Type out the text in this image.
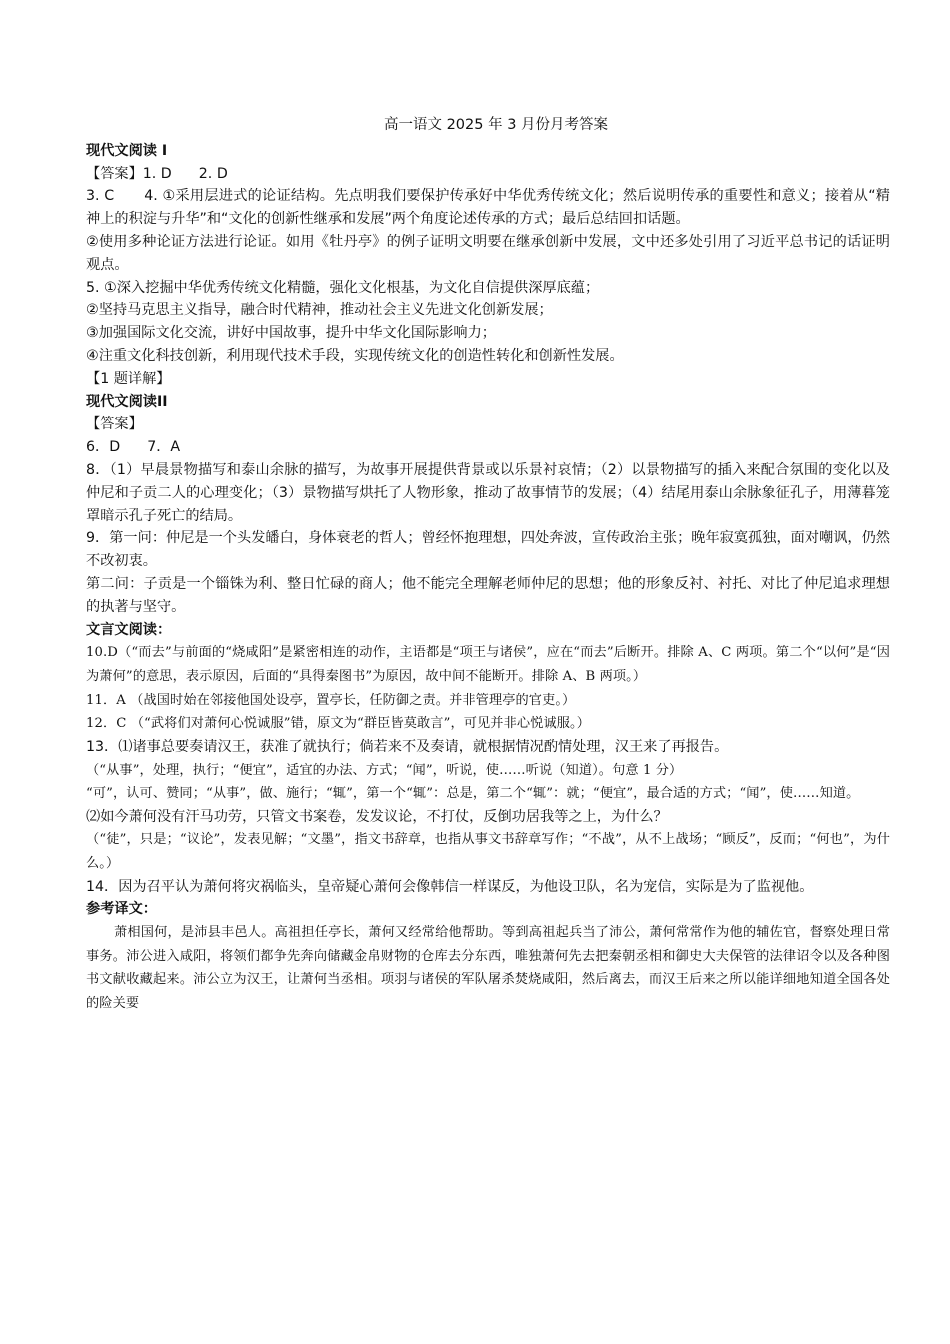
高一语文 2025 年 3 月份月考答案

现代文阅读 I

【答案】1. D      2. D

3. C 4. ①采用层进式的论证结构。先点明我们要保护传承好中华优秀传统文化；然后说明传承的重要性和意义；接着从“精神上的积淀与升华”和“文化的创新性继承和发展”两个角度论述传承的方式；最后总结回扣话题。

②使用多种论证方法进行论证。如用《牡丹亭》的例子证明文明要在继承创新中发展，文中还多处引用了习近平总书记的话证明观点。

5. ①深入挖掘中华优秀传统文化精髓，强化文化根基，为文化自信提供深厚底蕴；

②坚持马克思主义指导，融合时代精神，推动社会主义先进文化创新发展；

③加强国际文化交流，讲好中国故事，提升中华文化国际影响力；

④注重文化科技创新，利用现代技术手段，实现传统文化的创造性转化和创新性发展。

【1 题详解】

现代文阅读II

【答案】

6．D      7．A

8．（1）早晨景物描写和泰山余脉的描写，为故事开展提供背景或以乐景衬哀情；（2）以景物描写的插入来配合氛围的变化以及仲尼和子贡二人的心理变化；（3）景物描写烘托了人物形象，推动了故事情节的发展；（4）结尾用泰山余脉象征孔子，用薄暮笼罩暗示孔子死亡的结局。

9．第一问：仲尼是一个头发皤白，身体衰老的哲人；曾经怀抱理想，四处奔波，宣传政治主张；晚年寂寞孤独，面对嘲讽，仍然不改初衷。

第二问：子贡是一个锱铢为利、整日忙碌的商人；他不能完全理解老师仲尼的思想；他的形象反衬、衬托、对比了仲尼追求理想的执著与坚守。

文言文阅读：

10.D（“而去”与前面的“烧咸阳”是紧密相连的动作，主语都是“项王与诸侯”，应在“而去”后断开。排除 A、C 两项。第二个“以何”是“因为萧何”的意思，表示原因，后面的“具得秦图书”为原因，故中间不能断开。排除 A、B 两项。）

11．A （战国时始在邻接他国处设亭，置亭长，任防御之责。并非管理亭的官吏。）

12．C （“武将们对萧何心悦诚服”错，原文为“群臣皆莫敢言”，可见并非心悦诚服。）

13．⑴诸事总要奏请汉王，获准了就执行；倘若来不及奏请，就根据情况酌情处理，汉王来了再报告。

（“从事”，处理，执行；“便宜”，适宜的办法、方式；“闻”，听说，使……听说（知道）。句意 1 分）

“可”，认可、赞同；“从事”，做、施行；“辄”，第一个“辄”：总是，第二个“辄”：就；“便宜”，最合适的方式；“闻”，使……知道。

⑵如今萧何没有汗马功劳，只管文书案卷，发发议论，不打仗，反倒功居我等之上，为什么？

（“徒”，只是；“议论”，发表见解；“文墨”，指文书辞章，也指从事文书辞章写作；“不战”，从不上战场；“顾反”，反而；“何也”，为什么。）

14．因为召平认为萧何将灾祸临头，皇帝疑心萧何会像韩信一样谋反，为他设卫队，名为宠信，实际是为了监视他。

参考译文：

萧相国何，是沛县丰邑人。高祖担任亭长，萧何又经常给他帮助。等到高祖起兵当了沛公，萧何常常作为他的辅佐官，督察处理日常事务。沛公进入咸阳，将领们都争先奔向储藏金帛财物的仓库去分东西，唯独萧何先去把秦朝丞相和御史大夫保管的法律诏令以及各种图书文献收藏起来。沛公立为汉王，让萧何当丞相。项羽与诸侯的军队屠杀焚烧咸阳，然后离去，而汉王后来之所以能详细地知道全国各处的险关要
